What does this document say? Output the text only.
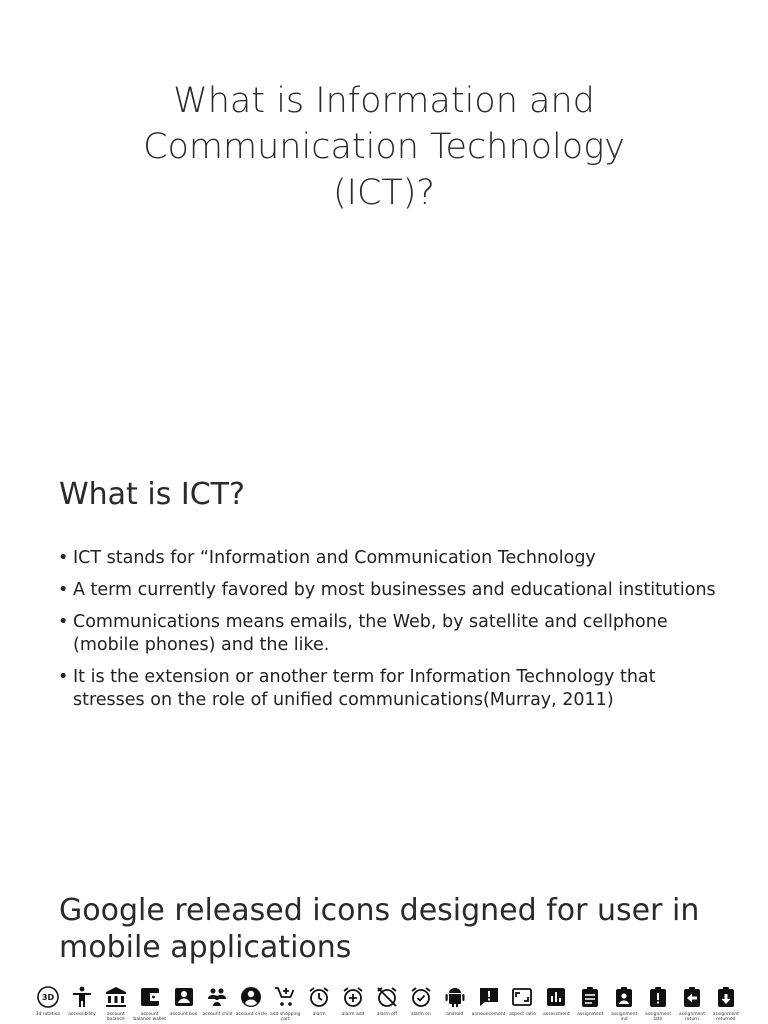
What is Information and
Communication Technology
(ICT)?
What is ICT?
• ICT stands for “Information and Communication Technology
• A term currently favored by most businesses and educational institutions
• Communications means emails, the Web, by satellite and cellphone (mobile phones) and the like.
• It is the extension or another term for Information Technology that stresses on the role of unified communications(Murray, 2011)
Google released icons designed for user in mobile applications
3D
3d rotation	accessibility	account balance
account balance wallet
account box	account child account circle add shopping cart
alarm	alarm add	alarm off	alarm on	android	announcement aspect ratio	assessment	assignment	assignment ind
assignment late
assignment return
assignment returned
